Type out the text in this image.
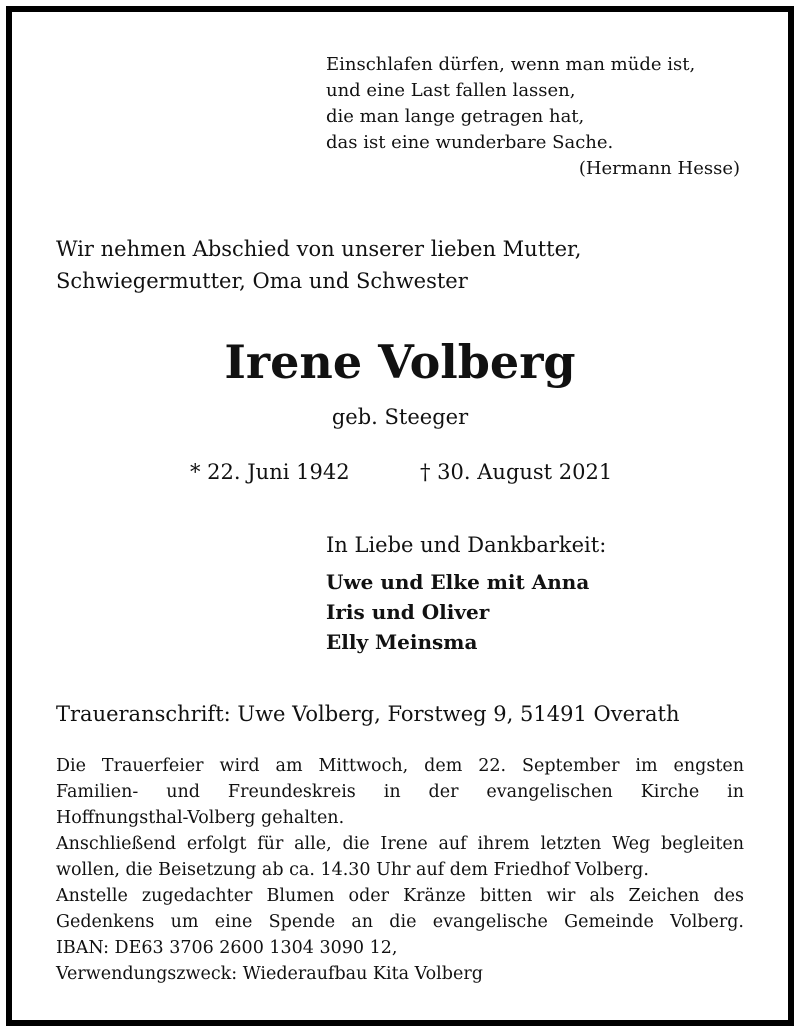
Einschlafen dürfen, wenn man müde ist,
und eine Last fallen lassen,
die man lange getragen hat,
das ist eine wunderbare Sache.
(Hermann Hesse)
Wir nehmen Abschied von unserer lieben Mutter,
Schwiegermutter, Oma und Schwester
Irene Volberg
geb. Steeger
* 22. Juni 1942	† 30. August 2021
In Liebe und Dankbarkeit:
Uwe und Elke mit Anna
Iris und Oliver
Elly Meinsma
Traueranschrift: Uwe Volberg, Forstweg 9, 51491 Overath
Die Trauerfeier wird am Mittwoch, dem 22. September im engsten
Familien- und Freundeskreis in der evangelischen Kirche in
Hoffnungsthal-Volberg gehalten.
Anschließend erfolgt für alle, die Irene auf ihrem letzten Weg begleiten
wollen, die Beisetzung ab ca. 14.30 Uhr auf dem Friedhof Volberg.
Anstelle zugedachter Blumen oder Kränze bitten wir als Zeichen des
Gedenkens um eine Spende an die evangelische Gemeinde Volberg.
IBAN: DE63 3706 2600 1304 3090 12,
Verwendungszweck: Wiederaufbau Kita Volberg
